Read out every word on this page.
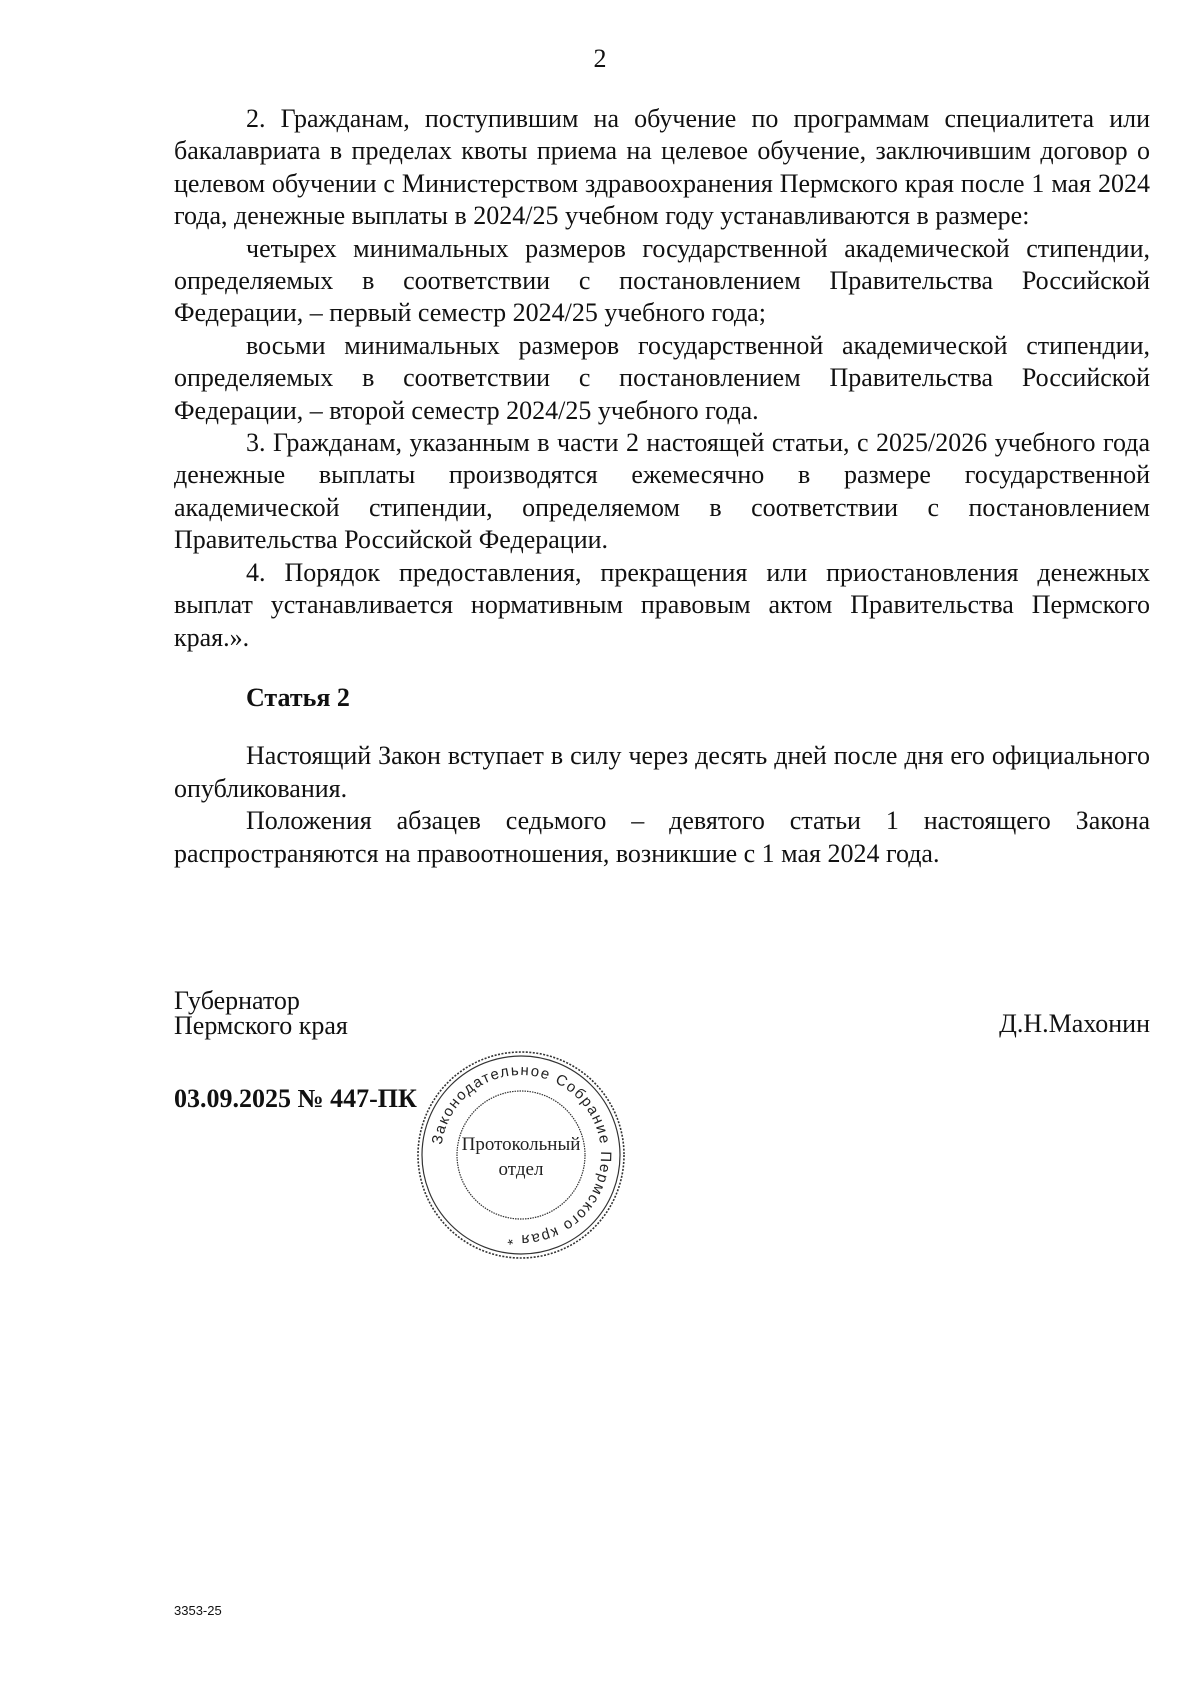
2

2. Гражданам, поступившим на обучение по программам специалитета или бакалавриата в пределах квоты приема на целевое обучение, заключившим договор о целевом обучении с Министерством здравоохранения Пермского края после 1 мая 2024 года, денежные выплаты в 2024/25 учебном году устанавливаются в размере:

четырех минимальных размеров государственной академической стипендии, определяемых в соответствии с постановлением Правительства Российской Федерации, – первый семестр 2024/25 учебного года;

восьми минимальных размеров государственной академической стипендии, определяемых в соответствии с постановлением Правительства Российской Федерации, – второй семестр 2024/25 учебного года.

3. Гражданам, указанным в части 2 настоящей статьи, с 2025/2026 учебного года денежные выплаты производятся ежемесячно в размере государственной академической стипендии, определяемом в соответствии с постановлением Правительства Российской Федерации.

4. Порядок предоставления, прекращения или приостановления денежных выплат устанавливается нормативным правовым актом Правительства Пермского края.».

Статья 2

Настоящий Закон вступает в силу через десять дней после дня его официального опубликования.

Положения абзацев седьмого – девятого статьи 1 настоящего Закона распространяются на правоотношения, возникшие с 1 мая 2024 года.

Губернатор
Пермского края	Д.Н.Махонин
03.09.2025 № 447-ПК
Законодательное Собрание Пермского края *
Протокольный
отдел
3353-25
